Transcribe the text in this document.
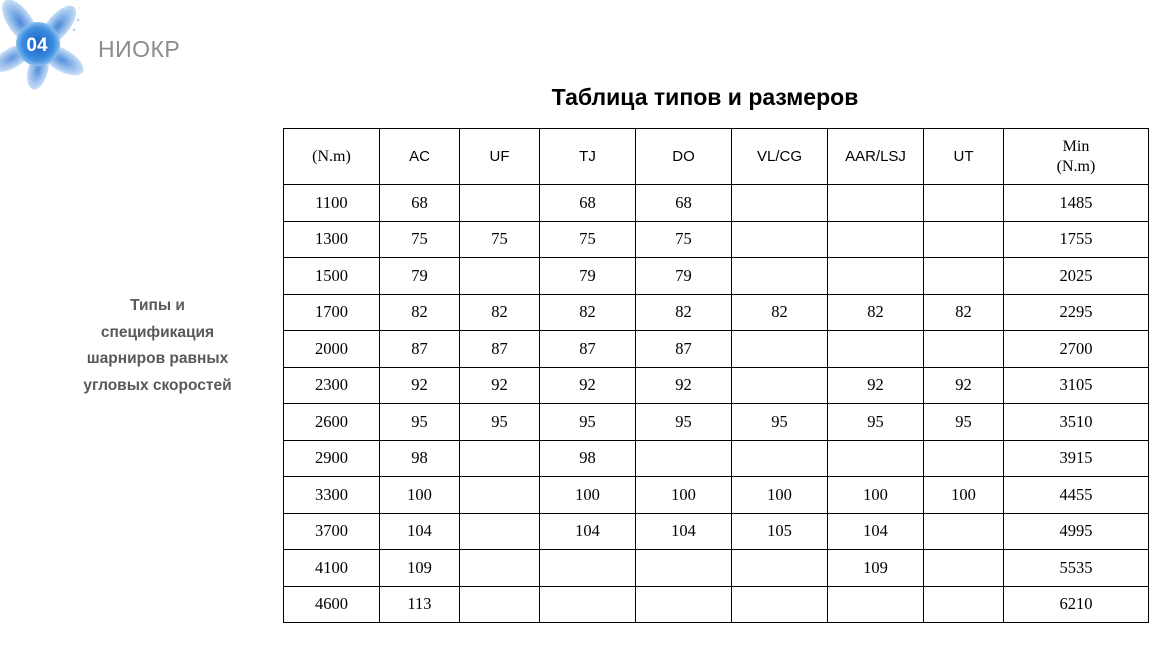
04 НИОКР
Таблица типов и размеров
Типы и
спецификация
шарниров равных
угловых скоростей
(N.m)	AC	UF	TJ	DO	VL/CG	AAR/LSJ	UT	Min
(N.m)

1100	68		68	68				1485
1300	75	75	75	75				1755
1500	79		79	79				2025
1700	82	82	82	82	82	82	82	2295
2000	87	87	87	87				2700
2300	92	92	92	92		92	92	3105
2600	95	95	95	95	95	95	95	3510
2900	98		98					3915
3300	100		100	100	100	100	100	4455
3700	104		104	104	105	104		4995
4100	109					109		5535
4600	113							6210
